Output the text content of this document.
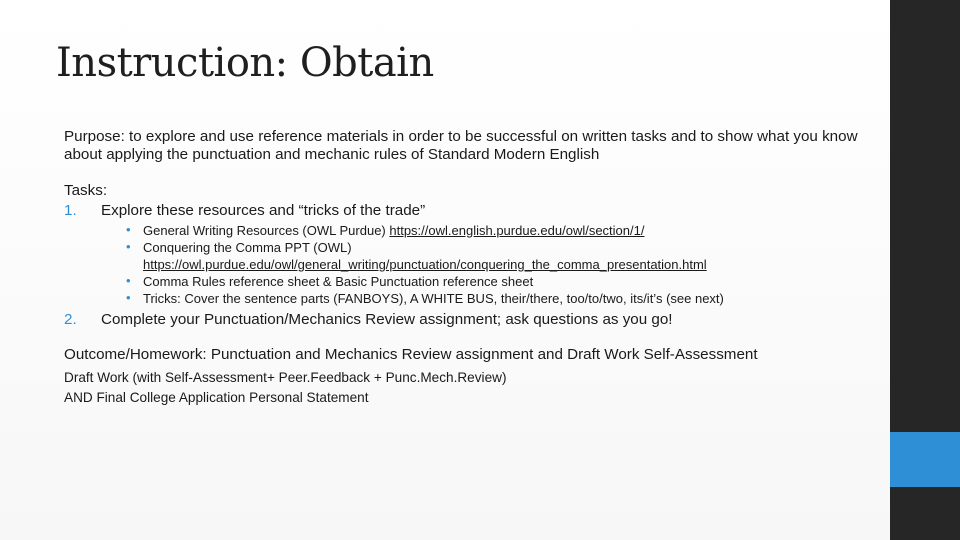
Instruction: Obtain

Purpose: to explore and use reference materials in order to be successful on written tasks and to show what you know about applying the punctuation and mechanic rules of Standard Modern English

Tasks:

1. Explore these resources and “tricks of the trade”
• General Writing Resources (OWL Purdue) https://owl.english.purdue.edu/owl/section/1/
• Conquering the Comma PPT (OWL)
https://owl.purdue.edu/owl/general_writing/punctuation/conquering_the_comma_presentation.html
• Comma Rules reference sheet & Basic Punctuation reference sheet
• Tricks: Cover the sentence parts (FANBOYS), A WHITE BUS, their/there, too/to/two, its/it’s (see next)
2. Complete your Punctuation/Mechanics Review assignment; ask questions as you go!

Outcome/Homework: Punctuation and Mechanics Review assignment and Draft Work Self-Assessment

Draft Work (with Self-Assessment+ Peer.Feedback + Punc.Mech.Review)
AND Final College Application Personal Statement
